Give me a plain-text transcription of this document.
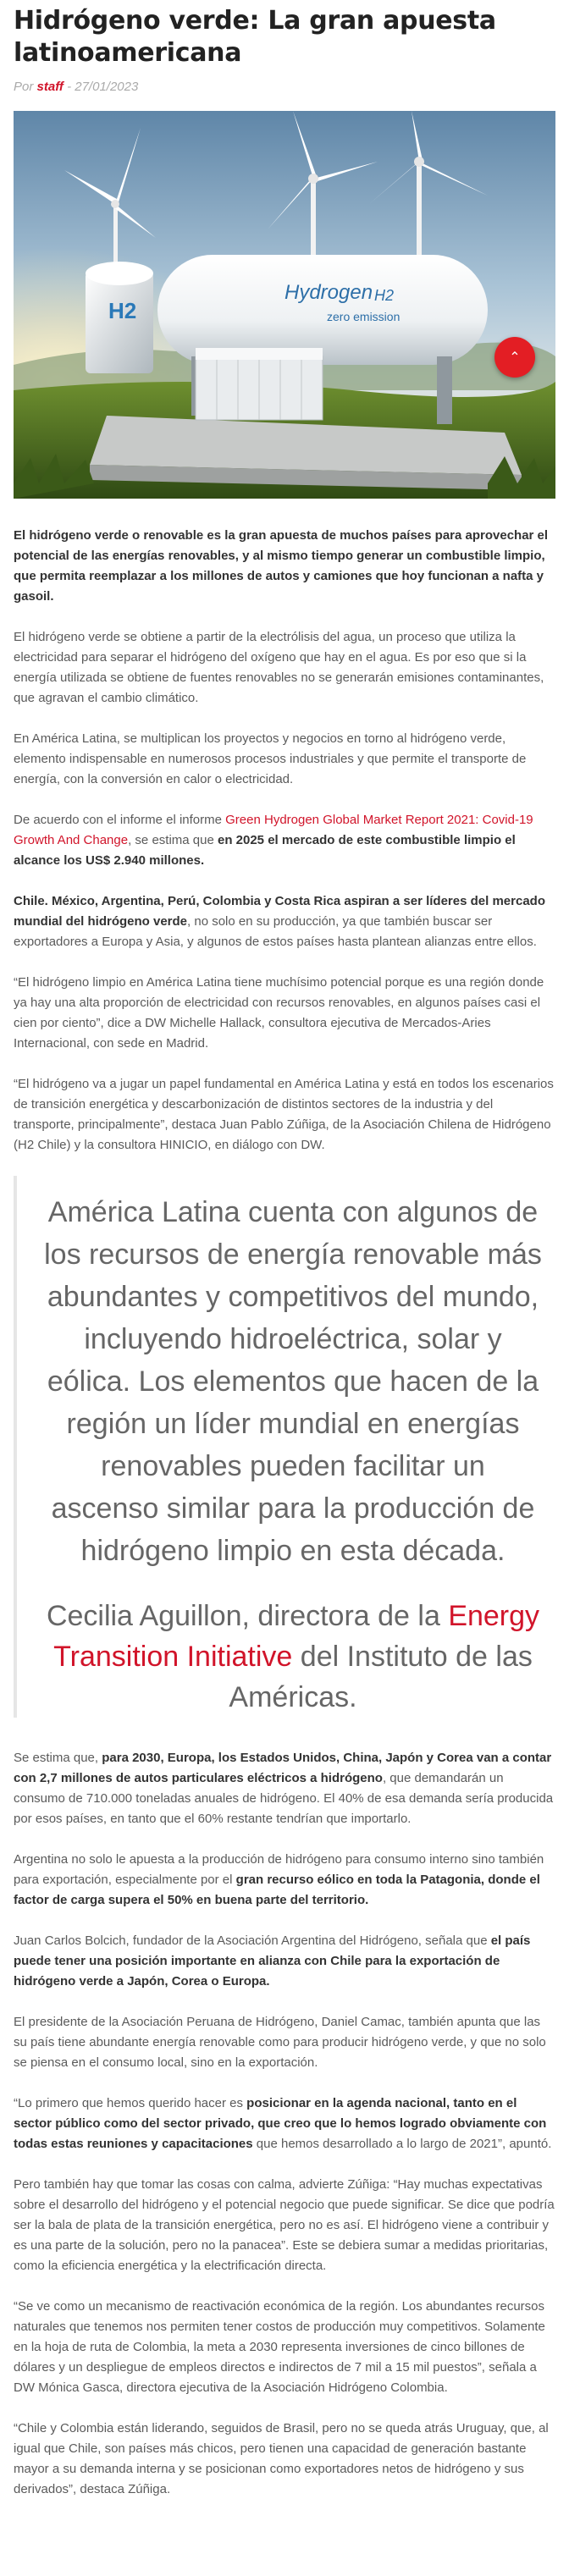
Hidrógeno verde: La gran apuesta latinoamericana
Por staff - 27/01/2023
H2
Hydrogen H2
zero emission
⌃

El hidrógeno verde o renovable es la gran apuesta de muchos países para aprovechar el potencial de las energías renovables, y al mismo tiempo generar un combustible limpio, que permita reemplazar a los millones de autos y camiones que hoy funcionan a nafta y gasoil.

El hidrógeno verde se obtiene a partir de la electrólisis del agua, un proceso que utiliza la electricidad para separar el hidrógeno del oxígeno que hay en el agua. Es por eso que si la energía utilizada se obtiene de fuentes renovables no se generarán emisiones contaminantes, que agravan el cambio climático.

En América Latina, se multiplican los proyectos y negocios en torno al hidrógeno verde, elemento indispensable en numerosos procesos industriales y que permite el transporte de energía, con la conversión en calor o electricidad.

De acuerdo con el informe el informe Green Hydrogen Global Market Report 2021: Covid-19 Growth And Change, se estima que en 2025 el mercado de este combustible limpio el alcance los US$ 2.940 millones.

Chile. México, Argentina, Perú, Colombia y Costa Rica aspiran a ser líderes del mercado mundial del hidrógeno verde, no solo en su producción, ya que también buscar ser exportadores a Europa y Asia, y algunos de estos países hasta plantean alianzas entre ellos.

“El hidrógeno limpio en América Latina tiene muchísimo potencial porque es una región donde ya hay una alta proporción de electricidad con recursos renovables, en algunos países casi el cien por ciento”, dice a DW Michelle Hallack, consultora ejecutiva de Mercados-Aries Internacional, con sede en Madrid.

“El hidrógeno va a jugar un papel fundamental en América Latina y está en todos los escenarios de transición energética y descarbonización de distintos sectores de la industria y del transporte, principalmente”, destaca Juan Pablo Zúñiga, de la Asociación Chilena de Hidrógeno (H2 Chile) y la consultora HINICIO, en diálogo con DW.

América Latina cuenta con algunos de los recursos de energía renovable más abundantes y competitivos del mundo, incluyendo hidroeléctrica, solar y eólica. Los elementos que hacen de la región un líder mundial en energías renovables pueden facilitar un ascenso similar para la producción de hidrógeno limpio en esta década.

Cecilia Aguillon, directora de la Energy Transition Initiative del Instituto de las Américas.

Se estima que, para 2030, Europa, los Estados Unidos, China, Japón y Corea van a contar con 2,7 millones de autos particulares eléctricos a hidrógeno, que demandarán un consumo de 710.000 toneladas anuales de hidrógeno. El 40% de esa demanda sería producida por esos países, en tanto que el 60% restante tendrían que importarlo.

Argentina no solo le apuesta a la producción de hidrógeno para consumo interno sino también para exportación, especialmente por el gran recurso eólico en toda la Patagonia, donde el factor de carga supera el 50% en buena parte del territorio.

Juan Carlos Bolcich, fundador de la Asociación Argentina del Hidrógeno, señala que el país puede tener una posición importante en alianza con Chile para la exportación de hidrógeno verde a Japón, Corea o Europa.

El presidente de la Asociación Peruana de Hidrógeno, Daniel Camac, también apunta que las su país tiene abundante energía renovable como para producir hidrógeno verde, y que no solo se piensa en el consumo local, sino en la exportación.

“Lo primero que hemos querido hacer es posicionar en la agenda nacional, tanto en el sector público como del sector privado, que creo que lo hemos logrado obviamente con todas estas reuniones y capacitaciones que hemos desarrollado a lo largo de 2021”, apuntó.

Pero también hay que tomar las cosas con calma, advierte Zúñiga: “Hay muchas expectativas sobre el desarrollo del hidrógeno y el potencial negocio que puede significar. Se dice que podría ser la bala de plata de la transición energética, pero no es así. El hidrógeno viene a contribuir y es una parte de la solución, pero no la panacea”. Este se debiera sumar a medidas prioritarias, como la eficiencia energética y la electrificación directa.

“Se ve como un mecanismo de reactivación económica de la región. Los abundantes recursos naturales que tenemos nos permiten tener costos de producción muy competitivos. Solamente en la hoja de ruta de Colombia, la meta a 2030 representa inversiones de cinco billones de dólares y un despliegue de empleos directos e indirectos de 7 mil a 15 mil puestos”, señala a DW Mónica Gasca, directora ejecutiva de la Asociación Hidrógeno Colombia.

“Chile y Colombia están liderando, seguidos de Brasil, pero no se queda atrás Uruguay, que, al igual que Chile, son países más chicos, pero tienen una capacidad de generación bastante mayor a su demanda interna y se posicionan como exportadores netos de hidrógeno y sus derivados”, destaca Zúñiga.
